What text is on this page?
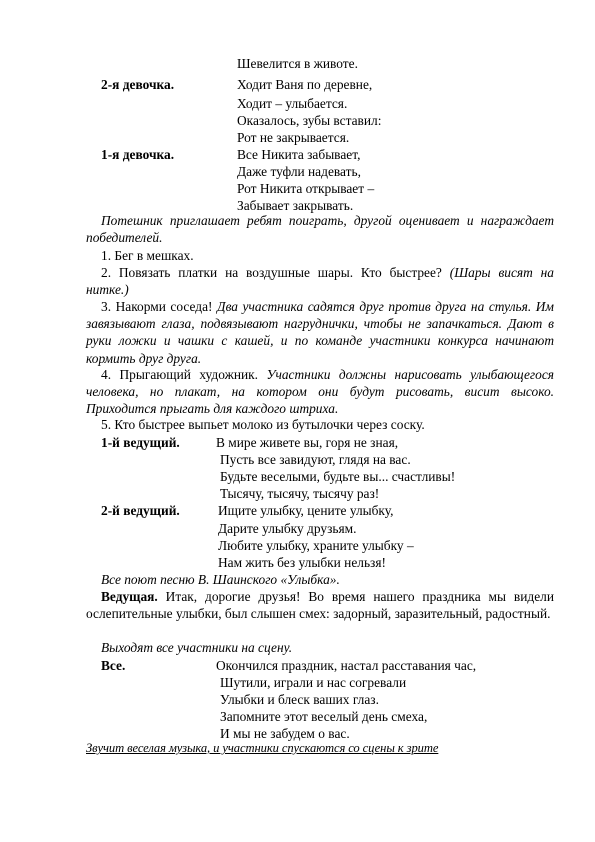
Шевелится в животе.
2-я девочка.	Ходит Ваня по деревне,
Ходит – улыбается.
Оказалось, зубы вставил:
Рот не закрывается.
1-я девочка.	Все Никита забывает,
Даже туфли надевать,
Рот Никита открывает –
Забывает закрывать.
Потешник приглашает ребят поиграть, другой оценивает и награждает победителей.
1. Бег в мешках.
2. Повязать платки на воздушные шары. Кто быстрее? (Шары висят на нитке.)
3. Накорми соседа! Два участника садятся друг против друга на стулья. Им завязывают глаза, подвязывают нагруднички, чтобы не запачкаться. Дают в руки ложки и чашки с кашей, и по команде участники конкурса начинают кормить друг друга.
4. Прыгающий художник. Участники должны нарисовать улыбающегося человека, но плакат, на котором они будут рисовать, висит высоко. Приходится прыгать для каждого штриха.
5. Кто быстрее выпьет молоко из бутылочки через соску.
1-й ведущий.	В мире живете вы, горя не зная,
Пусть все завидуют, глядя на вас.
Будьте веселыми, будьте вы... счастливы!
Тысячу, тысячу, тысячу раз!
2-й ведущий.	Ищите улыбку, цените улыбку,
Дарите улыбку друзьям.
Любите улыбку, храните улыбку –
Нам жить без улыбки нельзя!
Все поют песню В. Шаинского «Улыбка».
Ведущая. Итак, дорогие друзья! Во время нашего праздника мы видели ослепительные улыбки, был слышен смех: задорный, заразительный, радостный.
Выходят все участники на сцену.
Все.	Окончился праздник, настал расставания час,
Шутили, играли и нас согревали
Улыбки и блеск ваших глаз.
Запомните этот веселый день смеха,
И мы не забудем о вас.
Звучит веселая музыка, и участники спускаются со сцены к зрите
